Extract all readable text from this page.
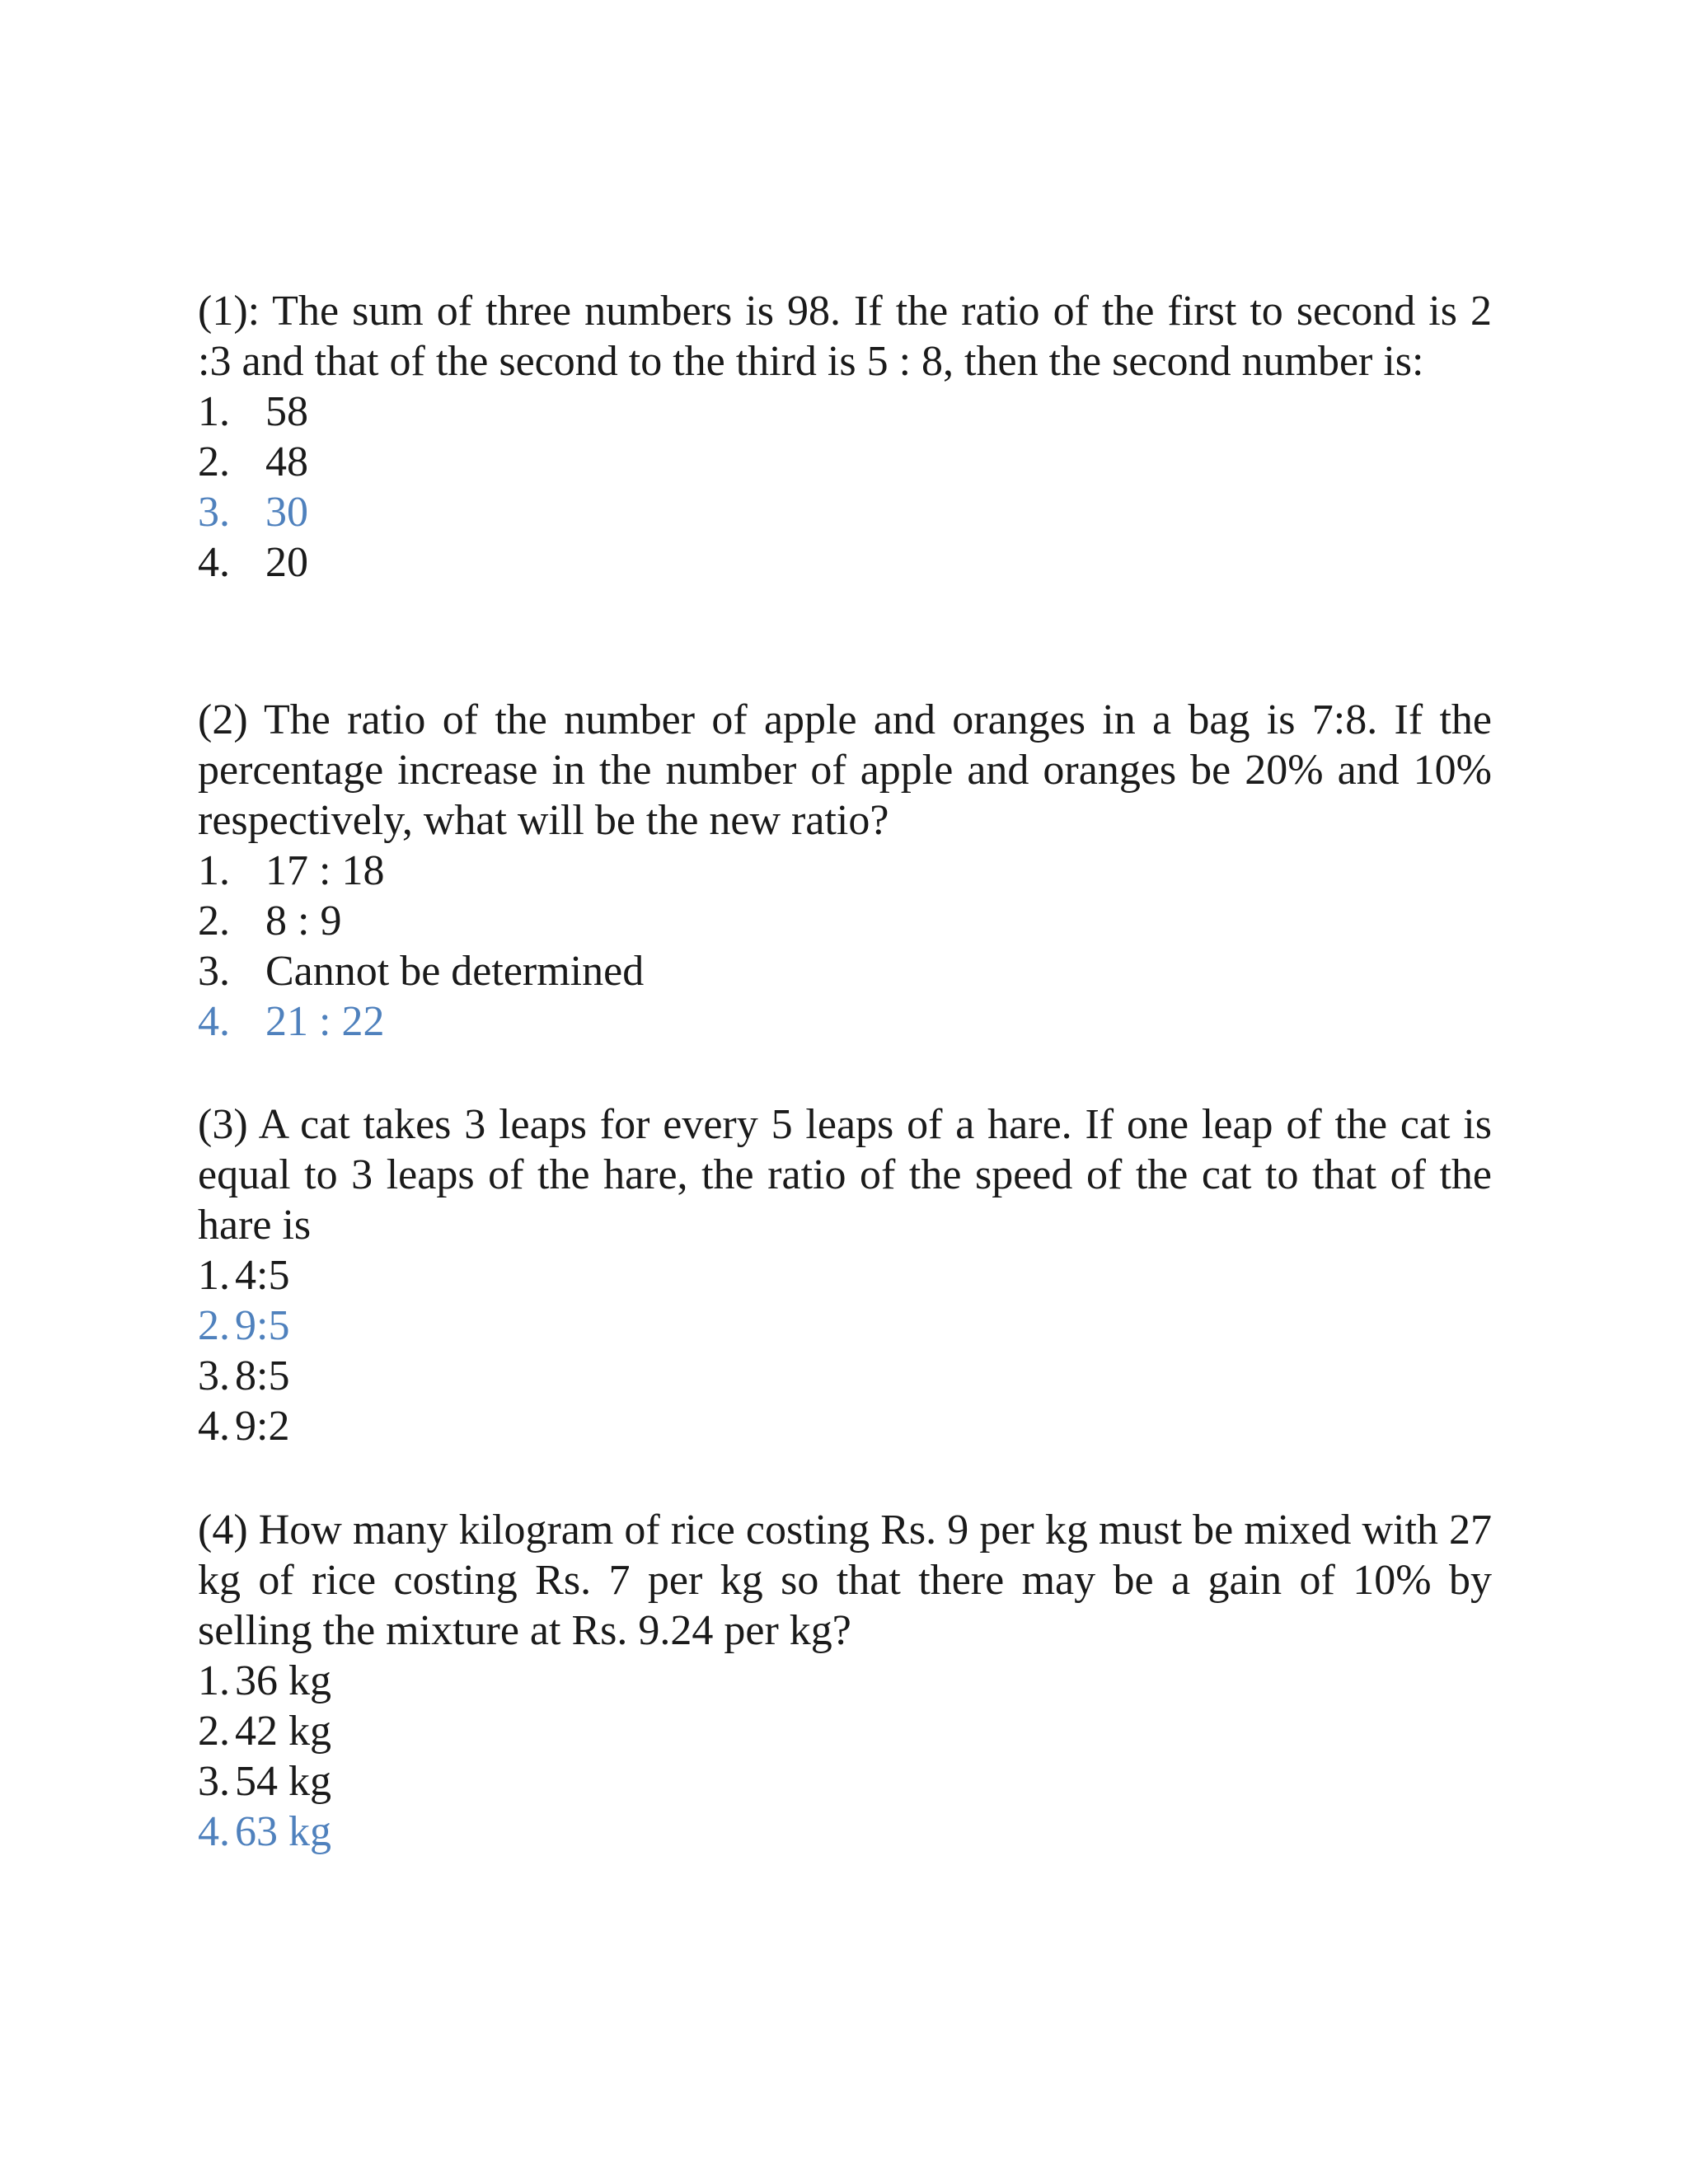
(1): The sum of three numbers is 98. If the ratio of the first to second is 2 :3 and that of the second to the third is 5 : 8, then the second number is:

1. 58
2. 48
3. 30
4. 20

(2) The ratio of the number of apple and oranges in a bag is 7:8. If the percentage increase in the number of apple and oranges be 20% and 10% respectively, what will be the new ratio?

1. 17 : 18
2. 8 : 9
3. Cannot be determined
4. 21 : 22

(3) A cat takes 3 leaps for every 5 leaps of a hare. If one leap of the cat is equal to 3 leaps of the hare, the ratio of the speed of the cat to that of the hare is

1. 4:5
2. 9:5
3. 8:5
4. 9:2

(4) How many kilogram of rice costing Rs. 9 per kg must be mixed with 27 kg of rice costing Rs. 7 per kg so that there may be a gain of 10% by selling the mixture at Rs. 9.24 per kg?

1. 36 kg
2. 42 kg
3. 54 kg
4. 63 kg
